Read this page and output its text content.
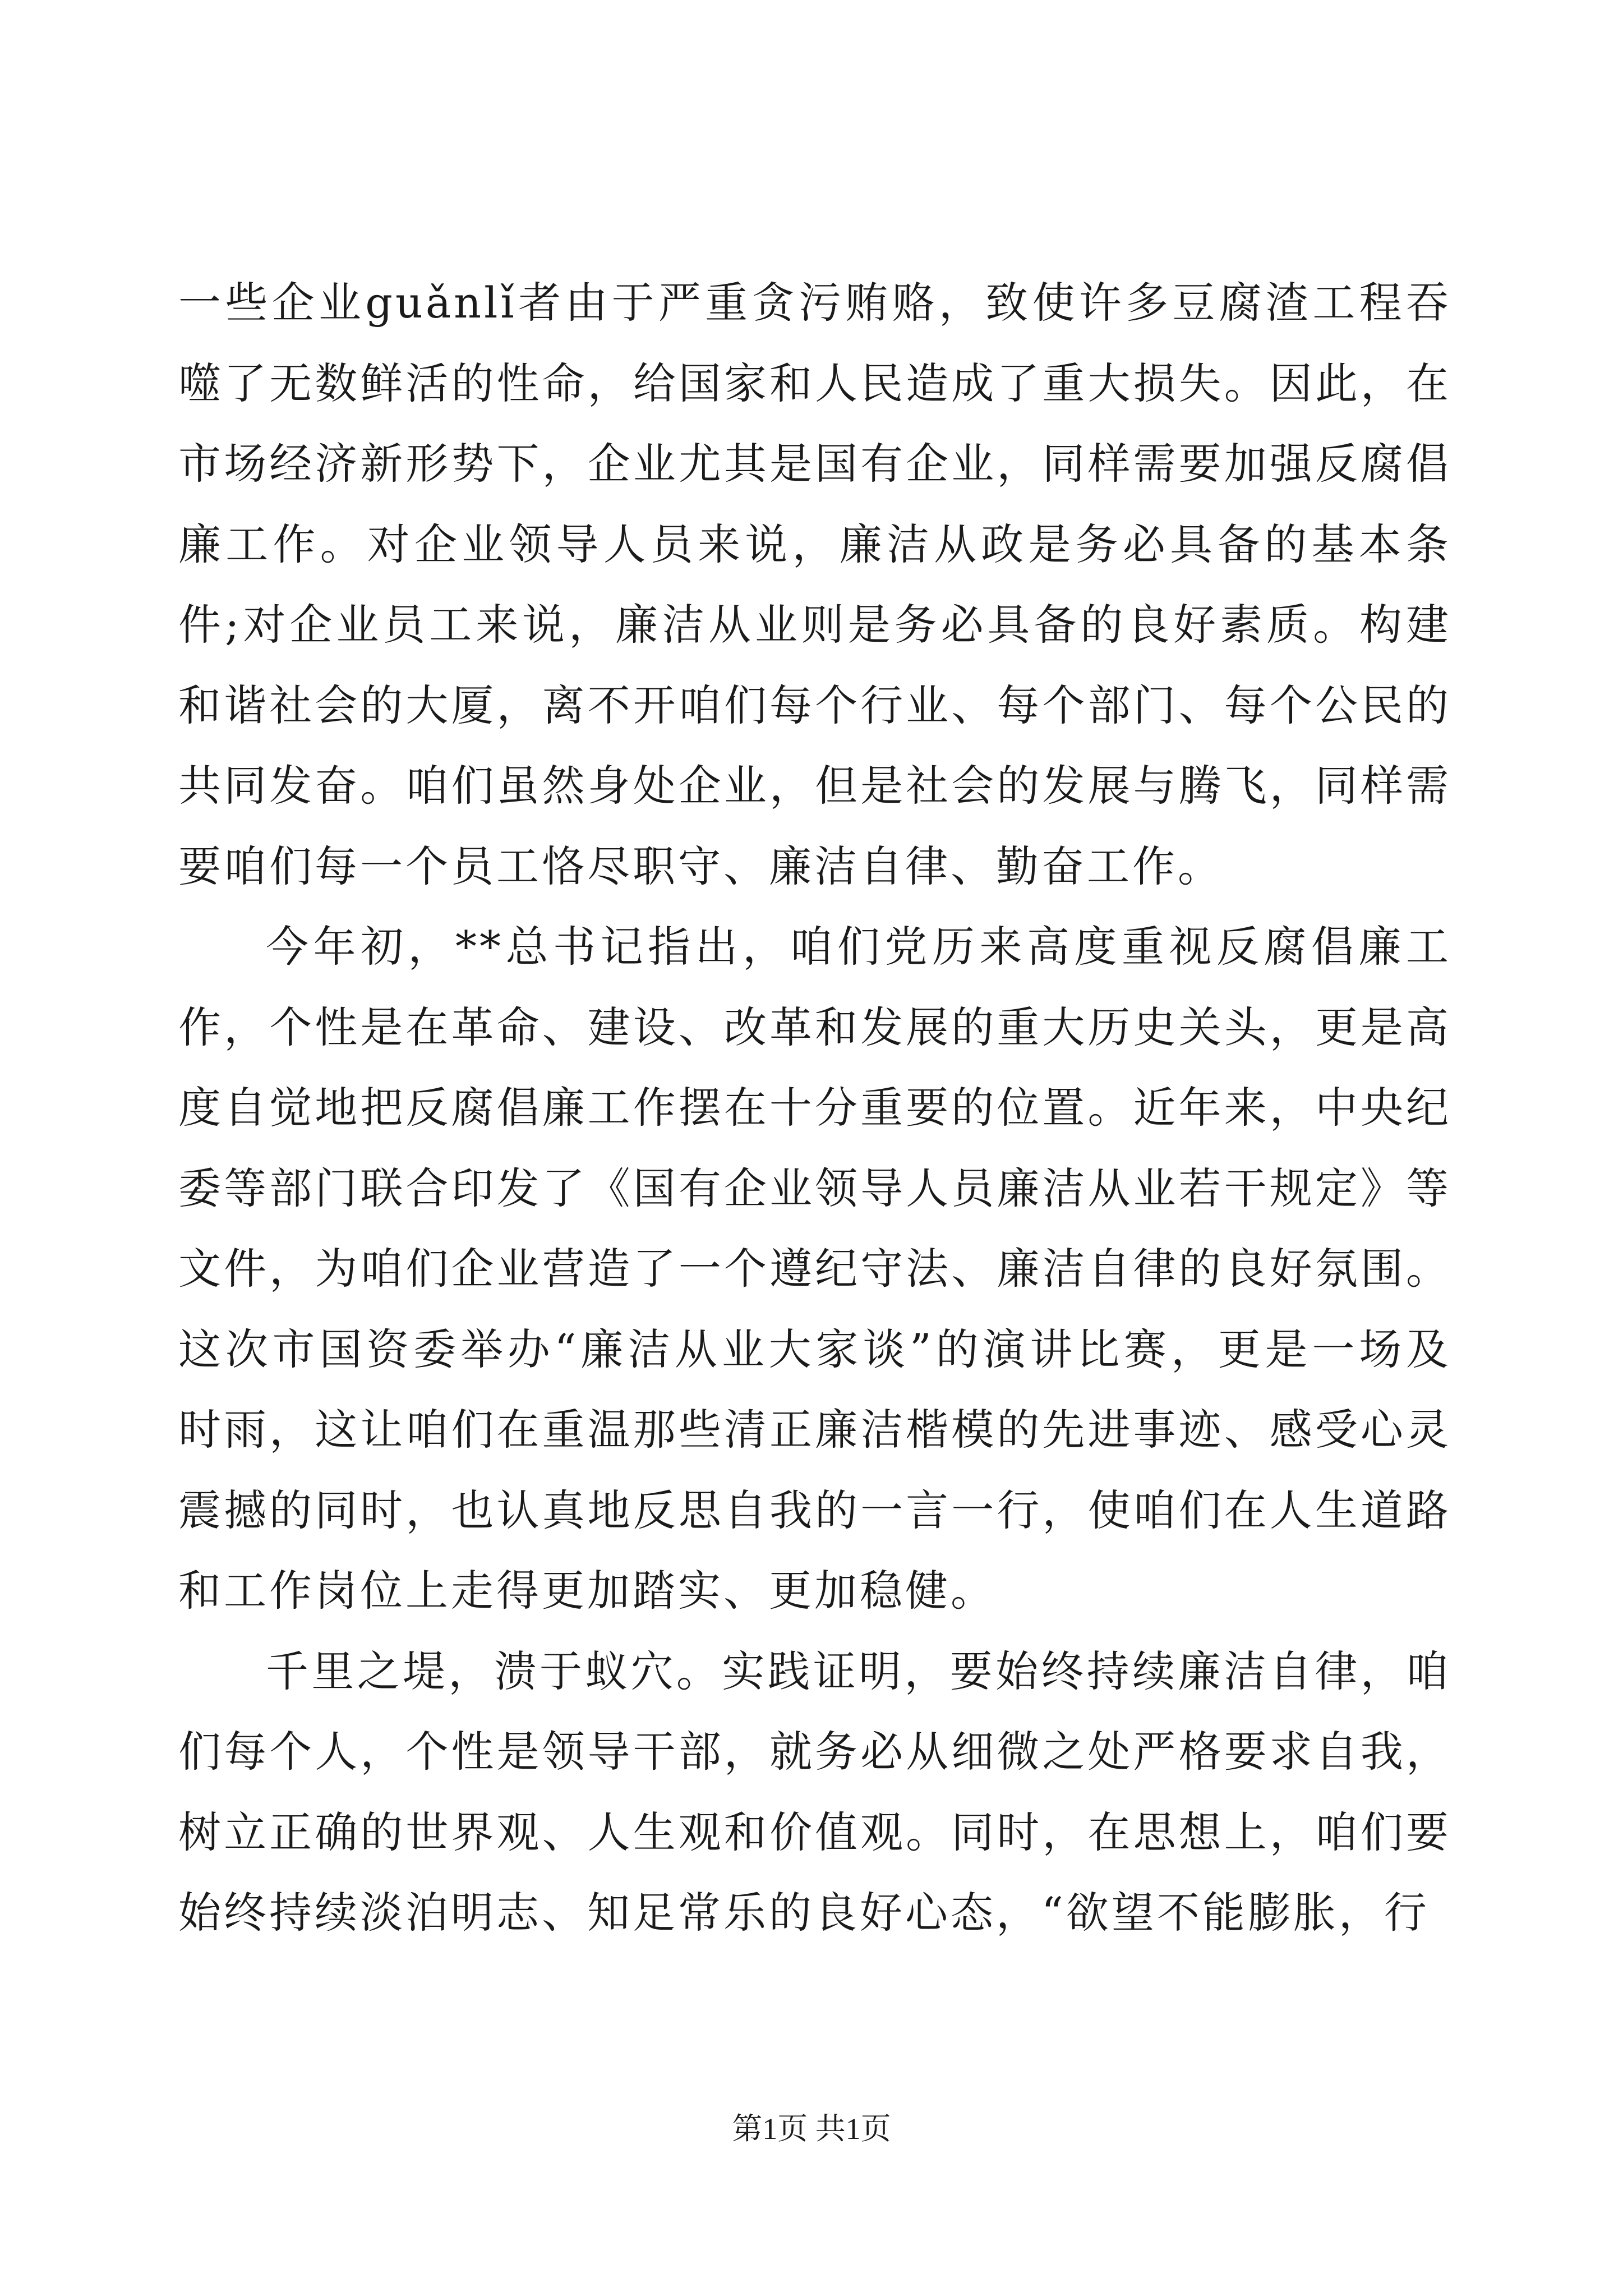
一些企业guǎnlǐ者由于严重贪污贿赂，致使许多豆腐渣工程吞噬了无数鲜活的性命，给国家和人民造成了重大损失。因此，在市场经济新形势下，企业尤其是国有企业，同样需要加强反腐倡廉工作。对企业领导人员来说，廉洁从政是务必具备的基本条件;对企业员工来说，廉洁从业则是务必具备的良好素质。构建和谐社会的大厦，离不开咱们每个行业、每个部门、每个公民的共同发奋。咱们虽然身处企业，但是社会的发展与腾飞，同样需要咱们每一个员工恪尽职守、廉洁自律、勤奋工作。

今年初，**总书记指出，咱们党历来高度重视反腐倡廉工作，个性是在革命、建设、改革和发展的重大历史关头，更是高度自觉地把反腐倡廉工作摆在十分重要的位置。近年来，中央纪委等部门联合印发了《国有企业领导人员廉洁从业若干规定》等文件，为咱们企业营造了一个遵纪守法、廉洁自律的良好氛围。这次市国资委举办“廉洁从业大家谈”的演讲比赛，更是一场及时雨，这让咱们在重温那些清正廉洁楷模的先进事迹、感受心灵震撼的同时，也认真地反思自我的一言一行，使咱们在人生道路和工作岗位上走得更加踏实、更加稳健。

千里之堤，溃于蚁穴。实践证明，要始终持续廉洁自律，咱们每个人，个性是领导干部，就务必从细微之处严格要求自我，树立正确的世界观、人生观和价值观。同时，在思想上，咱们要始终持续淡泊明志、知足常乐的良好心态，“欲望不能膨胀，行

第1页 共1页
